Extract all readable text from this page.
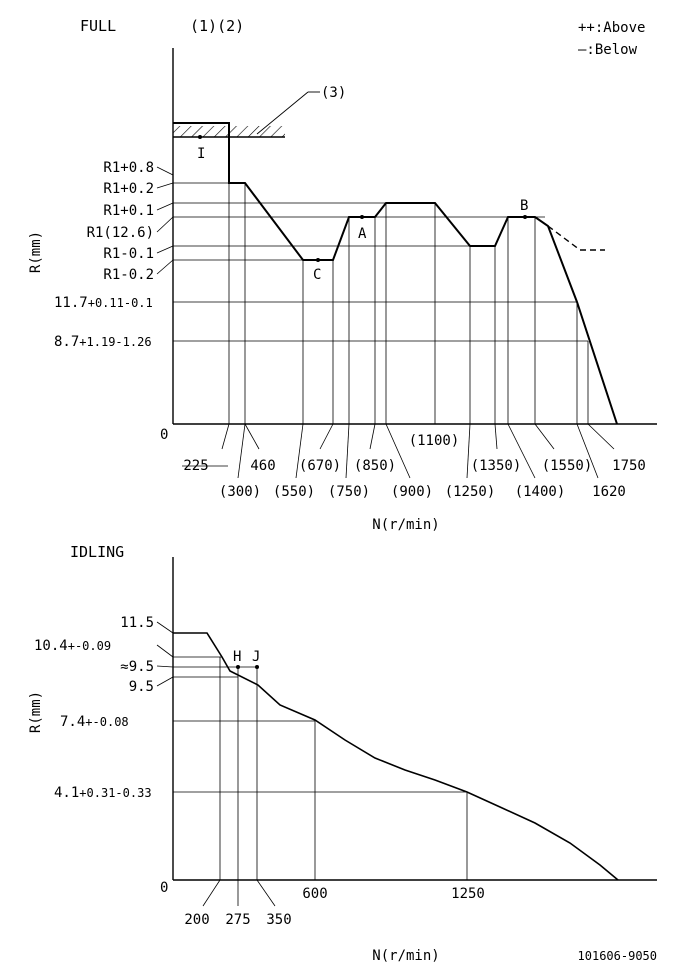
FULL	(1)(2)	++:Above
—:Below
(3)
I
C
A
B
R1+0.8
R1+0.2
R1+0.1
R1(12.6)
R1-0.1
R1-0.2
11.7+0.11-0.1
8.7+1.19-1.26
0
R(mm)
225	460 (670) (850)
(1100)
(1350) (1550) 1750
(300) (550) (750) (900) (1250) (1400) 1620
N(r/min)
IDLING
H J
11.5
10.4+-0.09
≈9.5
9.5
7.4+-0.08
4.1+0.31-0.33
0
R(mm)
200 275 350
600	1250
N(r/min)	101606-9050
